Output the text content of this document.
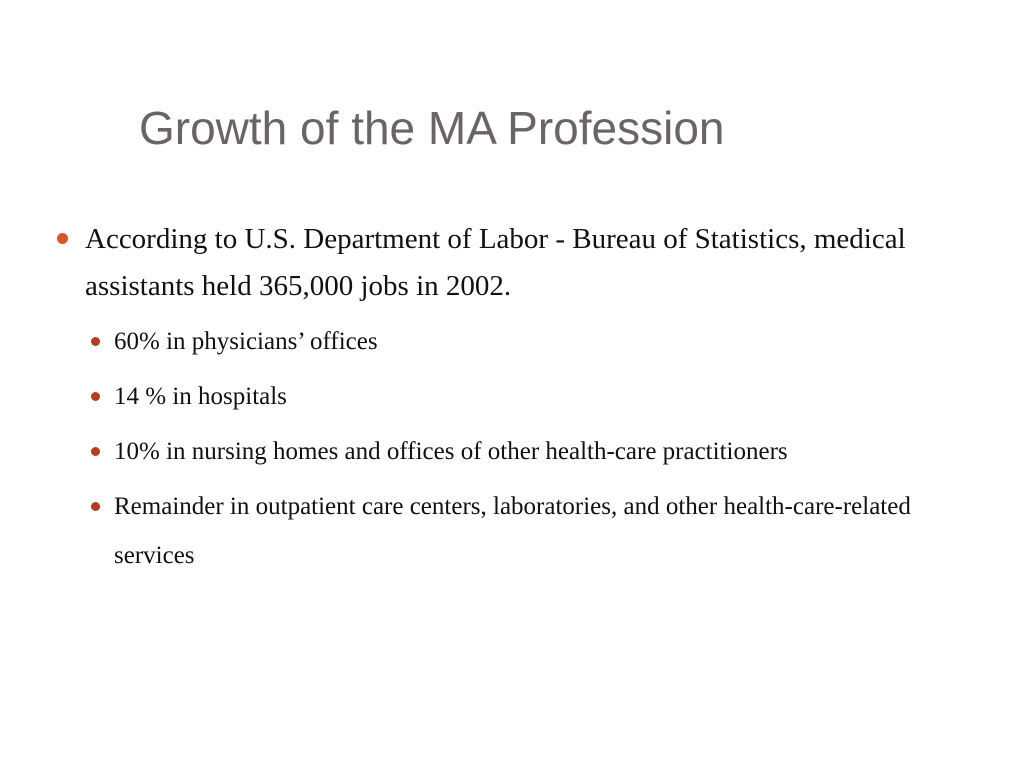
Growth of the MA Profession
According to U.S. Department of Labor - Bureau of Statistics, medical assistants held 365,000 jobs in 2002.
60% in physicians’ offices
14 % in hospitals
10% in nursing homes and offices of other health-care practitioners
Remainder in outpatient care centers, laboratories, and other health-care-related services
